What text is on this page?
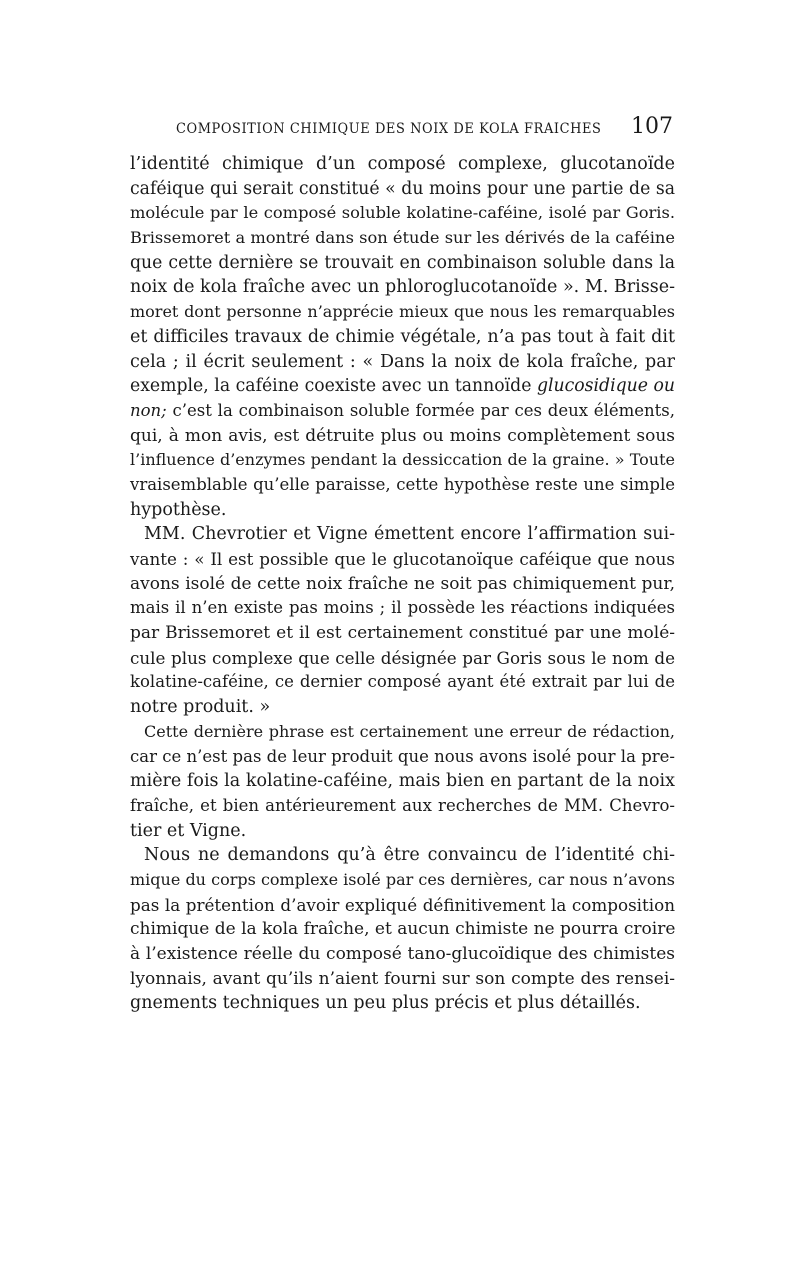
COMPOSITION CHIMIQUE DES NOIX DE KOLA FRAICHES 107
l’identité chimique d’un composé complexe, glucotanoïde
caféique qui serait constitué « du moins pour une partie de sa
molécule par le composé soluble kolatine-caféine, isolé par Goris.
Brissemoret a montré dans son étude sur les dérivés de la caféine
que cette dernière se trouvait en combinaison soluble dans la
noix de kola fraîche avec un phloroglucotanoïde ». M. Brisse-
moret dont personne n’apprécie mieux que nous les remarquables
et difficiles travaux de chimie végétale, n’a pas tout à fait dit
cela ; il écrit seulement : « Dans la noix de kola fraîche, par
exemple, la caféine coexiste avec un tannoïde glucosidique ou
non; c’est la combinaison soluble formée par ces deux éléments,
qui, à mon avis, est détruite plus ou moins complètement sous
l’influence d’enzymes pendant la dessiccation de la graine. » Toute
vraisemblable qu’elle paraisse, cette hypothèse reste une simple
hypothèse.
MM. Chevrotier et Vigne émettent encore l’affirmation sui-
vante : « Il est possible que le glucotanoïque caféique que nous
avons isolé de cette noix fraîche ne soit pas chimiquement pur,
mais il n’en existe pas moins ; il possède les réactions indiquées
par Brissemoret et il est certainement constitué par une molé-
cule plus complexe que celle désignée par Goris sous le nom de
kolatine-caféine, ce dernier composé ayant été extrait par lui de
notre produit. »
Cette dernière phrase est certainement une erreur de rédaction,
car ce n’est pas de leur produit que nous avons isolé pour la pre-
mière fois la kolatine-caféine, mais bien en partant de la noix
fraîche, et bien antérieurement aux recherches de MM. Chevro-
tier et Vigne.
Nous ne demandons qu’à être convaincu de l’identité chi-
mique du corps complexe isolé par ces dernières, car nous n’avons
pas la prétention d’avoir expliqué définitivement la composition
chimique de la kola fraîche, et aucun chimiste ne pourra croire
à l’existence réelle du composé tano-glucoïdique des chimistes
lyonnais, avant qu’ils n’aient fourni sur son compte des rensei-
gnements techniques un peu plus précis et plus détaillés.
